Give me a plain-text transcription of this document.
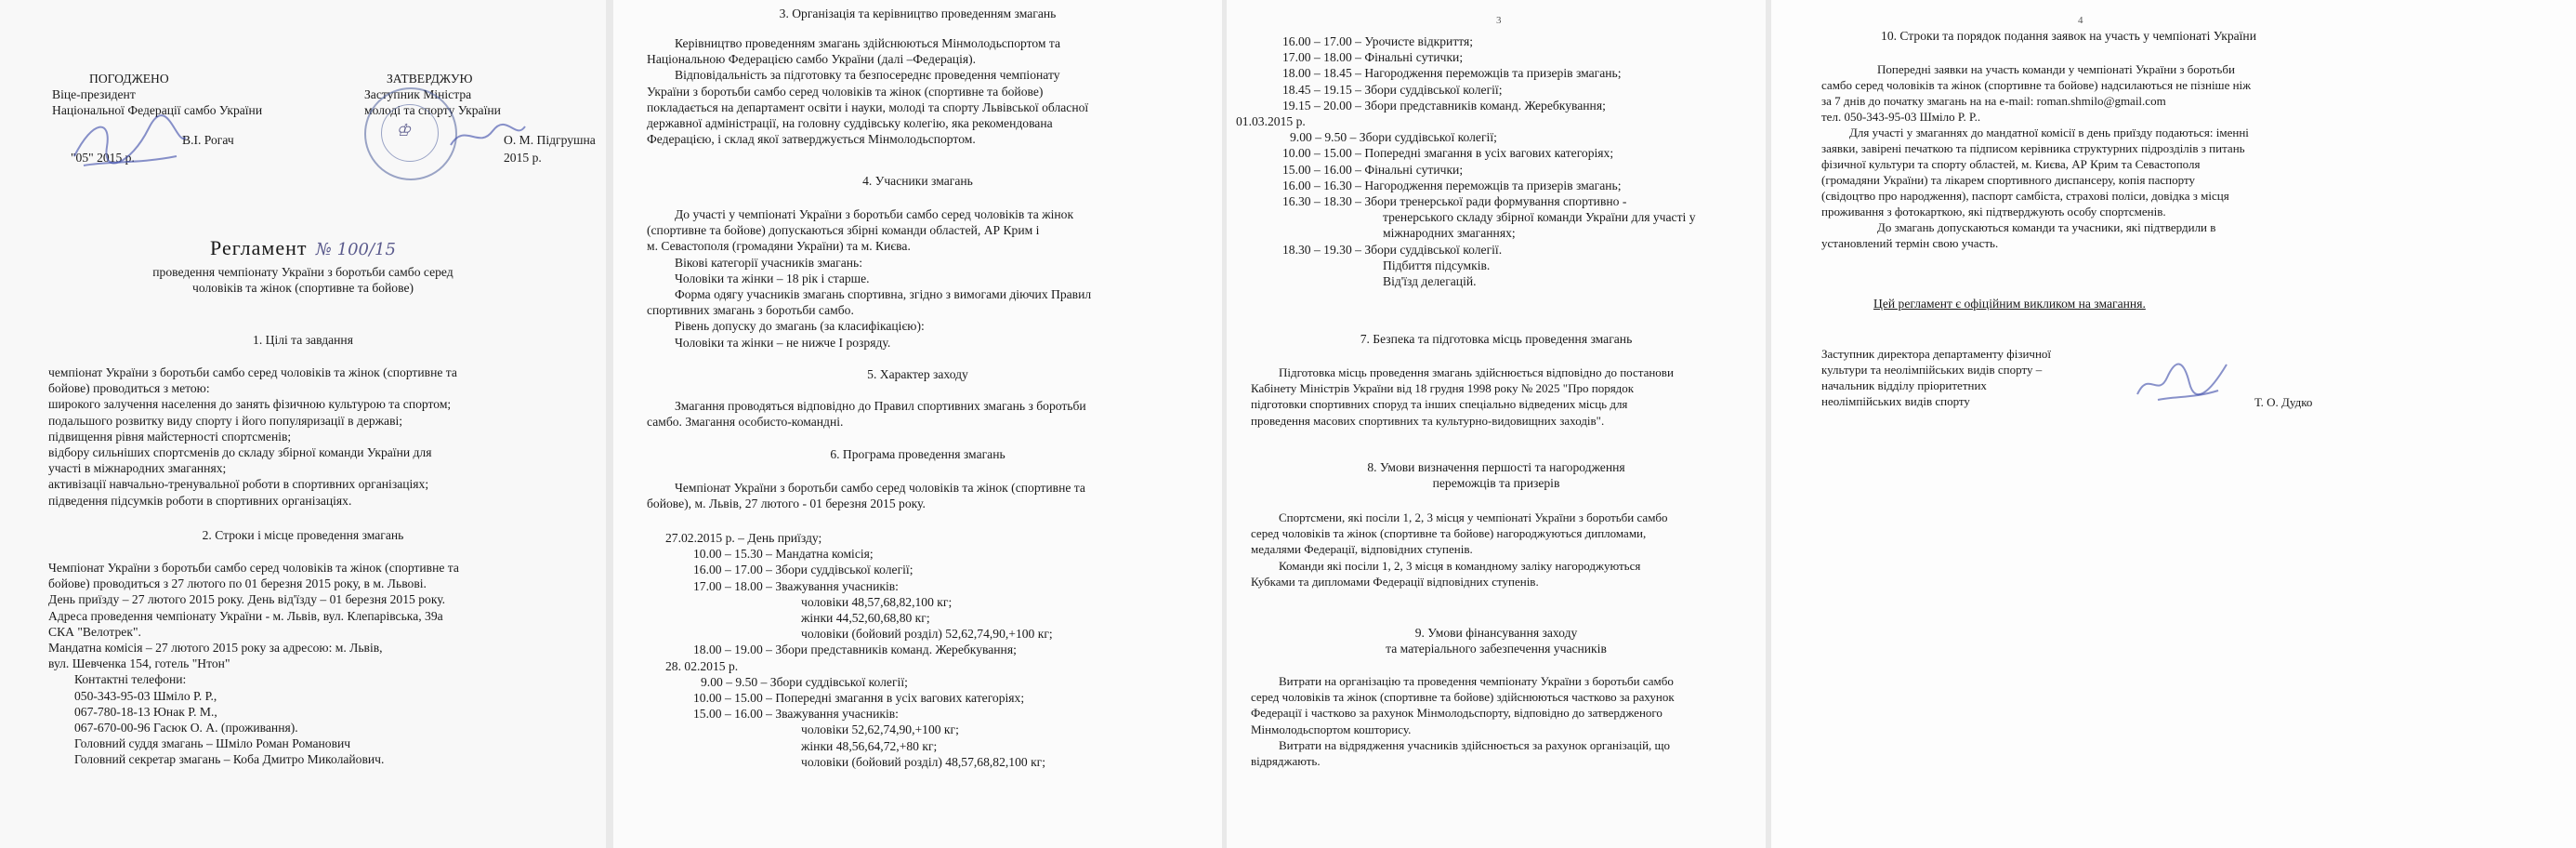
ПОГОДЖЕНО
Віце-президент
Національної Федерації самбо України
В.І. Рогач
"05" 2015 р.
ЗАТВЕРДЖУЮ
Заступник Міністра
молоді та спорту України
О. М. Підгрушна
2015 р.
♔
Регламент № 100/15
проведення чемпіонату України з боротьби самбо серед
чоловіків та жінок (спортивне та бойове)
1. Цілі та завдання
чемпіонат України з боротьби самбо серед чоловіків та жінок (спортивне та
бойове) проводиться з метою:
широкого залучення населення до занять фізичною культурою та спортом;
подальшого розвитку виду спорту і його популяризації в державі;
підвищення рівня майстерності спортсменів;
відбору сильніших спортсменів до складу збірної команди України для
участі в міжнародних змаганнях;
активізації навчально-тренувальної роботи в спортивних організаціях;
підведення підсумків роботи в спортивних організаціях.
2. Строки і місце проведення змагань
Чемпіонат України з боротьби самбо серед чоловіків та жінок (спортивне та
бойове) проводиться з 27 лютого по 01 березня 2015 року, в м. Львові.
День приїзду – 27 лютого 2015 року. День від'їзду – 01 березня 2015 року.
Адреса проведення чемпіонату України - м. Львів, вул. Клепарівська, 39а
СКА "Велотрек".
Мандатна комісія – 27 лютого 2015 року за адресою: м. Львів,
вул. Шевченка 154, готель "Нтон"
Контактні телефони:
050-343-95-03 Шміло Р. Р.,
067-780-18-13 Юнак Р. М.,
067-670-00-96 Гасюк О. А. (проживання).
Головний суддя змагань – Шміло Роман Романович
Головний секретар змагань – Коба Дмитро Миколайович.
3. Організація та керівництво проведенням змагань
Керівництво проведенням змагань здійснюються Мінмолодьспортом та
Національною Федерацією самбо України (далі –Федерація).
Відповідальність за підготовку та безпосереднє проведення чемпіонату
України з боротьби самбо серед чоловіків та жінок (спортивне та бойове)
покладається на департамент освіти і науки, молоді та спорту Львівської обласної
державної адміністрації, на головну суддівську колегію, яка рекомендована
Федерацією, і склад якої затверджується Мінмолодьспортом.
4. Учасники змагань
До участі у чемпіонаті України з боротьби самбо серед чоловіків та жінок
(спортивне та бойове) допускаються збірні команди областей, АР Крим і
м. Севастополя (громадяни України) та м. Києва.
Вікові категорії учасників змагань:
Чоловіки та жінки – 18 рік і старше.
Форма одягу учасників змагань спортивна, згідно з вимогами діючих Правил
спортивних змагань з боротьби самбо.
Рівень допуску до змагань (за класифікацією):
Чоловіки та жінки – не нижче І розряду.
5. Характер заходу
Змагання проводяться відповідно до Правил спортивних змагань з боротьби
самбо. Змагання особисто-командні.
6. Програма проведення змагань
Чемпіонат України з боротьби самбо серед чоловіків та жінок (спортивне та
бойове), м. Львів, 27 лютого - 01 березня 2015 року.
27.02.2015 р. – День приїзду;
10.00 – 15.30 – Мандатна комісія;
16.00 – 17.00 – Збори суддівської колегії;
17.00 – 18.00 – Зважування учасників:
чоловіки 48,57,68,82,100 кг;
жінки 44,52,60,68,80 кг;
чоловіки (бойовий розділ) 52,62,74,90,+100 кг;
18.00 – 19.00 – Збори представників команд. Жеребкування;
28. 02.2015 р.
9.00 – 9.50 – Збори суддівської колегії;
10.00 – 15.00 – Попередні змагання в усіх вагових категоріях;
15.00 – 16.00 – Зважування учасників:
чоловіки 52,62,74,90,+100 кг;
жінки 48,56,64,72,+80 кг;
чоловіки (бойовий розділ) 48,57,68,82,100 кг;
3
16.00 – 17.00 – Урочисте відкриття;
17.00 – 18.00 – Фінальні сутички;
18.00 – 18.45 – Нагородження переможців та призерів змагань;
18.45 – 19.15 – Збори суддівської колегії;
19.15 – 20.00 – Збори представників команд. Жеребкування;
01.03.2015 р.
9.00 – 9.50 – Збори суддівської колегії;
10.00 – 15.00 – Попередні змагання в усіх вагових категоріях;
15.00 – 16.00 – Фінальні сутички;
16.00 – 16.30 – Нагородження переможців та призерів змагань;
16.30 – 18.30 – Збори тренерської ради формування спортивно -
тренерського складу збірної команди України для участі у
міжнародних змаганнях;
18.30 – 19.30 – Збори суддівської колегії.
Підбиття підсумків.
Від'їзд делегацій.
7. Безпека та підготовка місць проведення змагань
Підготовка місць проведення змагань здійснюється відповідно до постанови
Кабінету Міністрів України від 18 грудня 1998 року № 2025 "Про порядок
підготовки спортивних споруд та інших спеціально відведених місць для
проведення масових спортивних та культурно-видовищних заходів".
8. Умови визначення першості та нагородження
переможців та призерів
Спортсмени, які посіли 1, 2, 3 місця у чемпіонаті України з боротьби самбо
серед чоловіків та жінок (спортивне та бойове) нагороджуються дипломами,
медалями Федерації, відповідних ступенів.
Команди які посіли 1, 2, 3 місця в командному заліку нагороджуються
Кубками та дипломами Федерації відповідних ступенів.
9. Умови фінансування заходу
та матеріального забезпечення учасників
Витрати на організацію та проведення чемпіонату України з боротьби самбо
серед чоловіків та жінок (спортивне та бойове) здійснюються частково за рахунок
Федерації і частково за рахунок Мінмолодьспорту, відповідно до затвердженого
Мінмолодьспортом кошторису.
Витрати на відрядження учасників здійснюється за рахунок організацій, що
відряджають.
4
10. Строки та порядок подання заявок на участь у чемпіонаті України
Попередні заявки на участь команди у чемпіонаті України з боротьби
самбо серед чоловіків та жінок (спортивне та бойове) надсилаються не пізніше ніж
за 7 днів до початку змагань на на e-mail: roman.shmilo@gmail.com
тел. 050-343-95-03 Шміло Р. Р..
Для участі у змаганнях до мандатної комісії в день приїзду подаються: іменні
заявки, завірені печаткою та підписом керівника структурних підрозділів з питань
фізичної культури та спорту областей, м. Києва, АР Крим та Севастополя
(громадяни України) та лікарем спортивного диспансеру, копія паспорту
(свідоцтво про народження), паспорт самбіста, страхові поліси, довідка з місця
проживання з фотокарткою, які підтверджують особу спортсменів.
До змагань допускаються команди та учасники, які підтвердили в
установлений термін свою участь.
Цей регламент є офіційним викликом на змагання.
Заступник директора департаменту фізичної
культури та неолімпійських видів спорту –
начальник відділу пріоритетних
неолімпійських видів спорту	Т. О. Дудко
